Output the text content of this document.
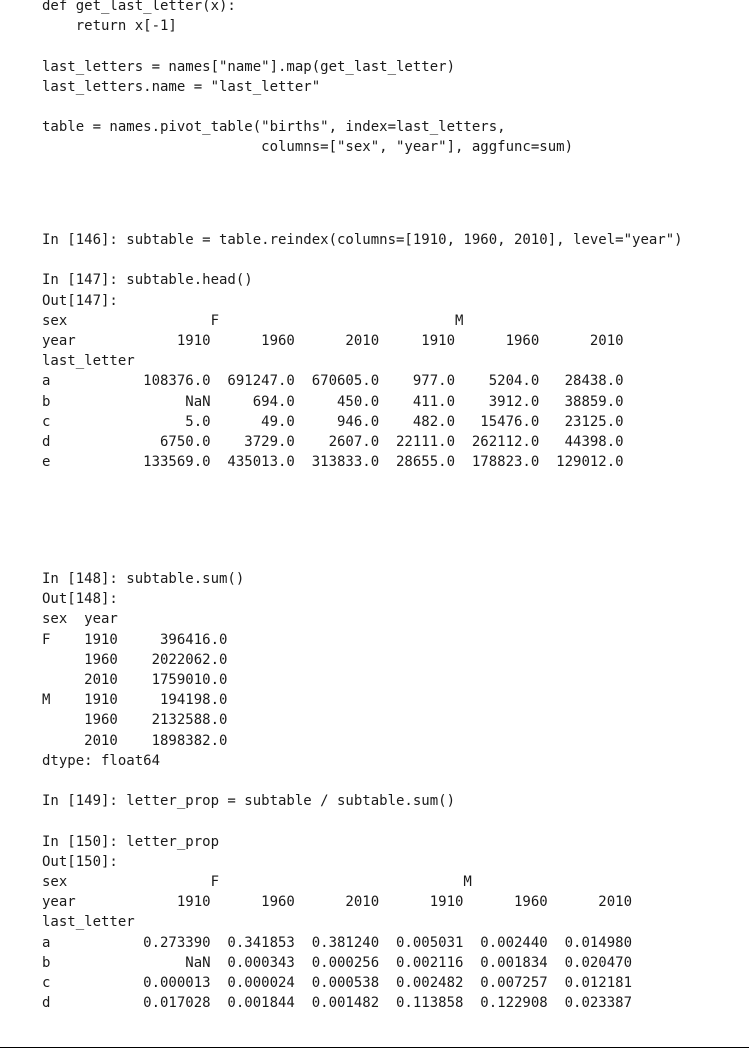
def get_last_letter(x):
return x[-1]

last_letters = names["name"].map(get_last_letter)
last_letters.name = "last_letter"

table = names.pivot_table("births", index=last_letters,
columns=["sex", "year"], aggfunc=sum)
In [146]: subtable = table.reindex(columns=[1910, 1960, 2010], level="year")

In [147]: subtable.head()
Out[147]:
sex                 F                            M
year            1910      1960      2010     1910      1960      2010
last_letter
a           108376.0  691247.0  670605.0    977.0    5204.0   28438.0
b                NaN     694.0     450.0    411.0    3912.0   38859.0
c                5.0      49.0     946.0    482.0   15476.0   23125.0
d             6750.0    3729.0    2607.0  22111.0  262112.0   44398.0
e           133569.0  435013.0  313833.0  28655.0  178823.0  129012.0
In [148]: subtable.sum()
Out[148]:
sex  year
F    1910     396416.0
1960    2022062.0
2010    1759010.0
M    1910     194198.0
1960    2132588.0
2010    1898382.0
dtype: float64

In [149]: letter_prop = subtable / subtable.sum()

In [150]: letter_prop
Out[150]:
sex                 F                             M
year            1910      1960      2010      1910      1960      2010
last_letter
a           0.273390  0.341853  0.381240  0.005031  0.002440  0.014980
b                NaN  0.000343  0.000256  0.002116  0.001834  0.020470
c           0.000013  0.000024  0.000538  0.002482  0.007257  0.012181
d           0.017028  0.001844  0.001482  0.113858  0.122908  0.023387
